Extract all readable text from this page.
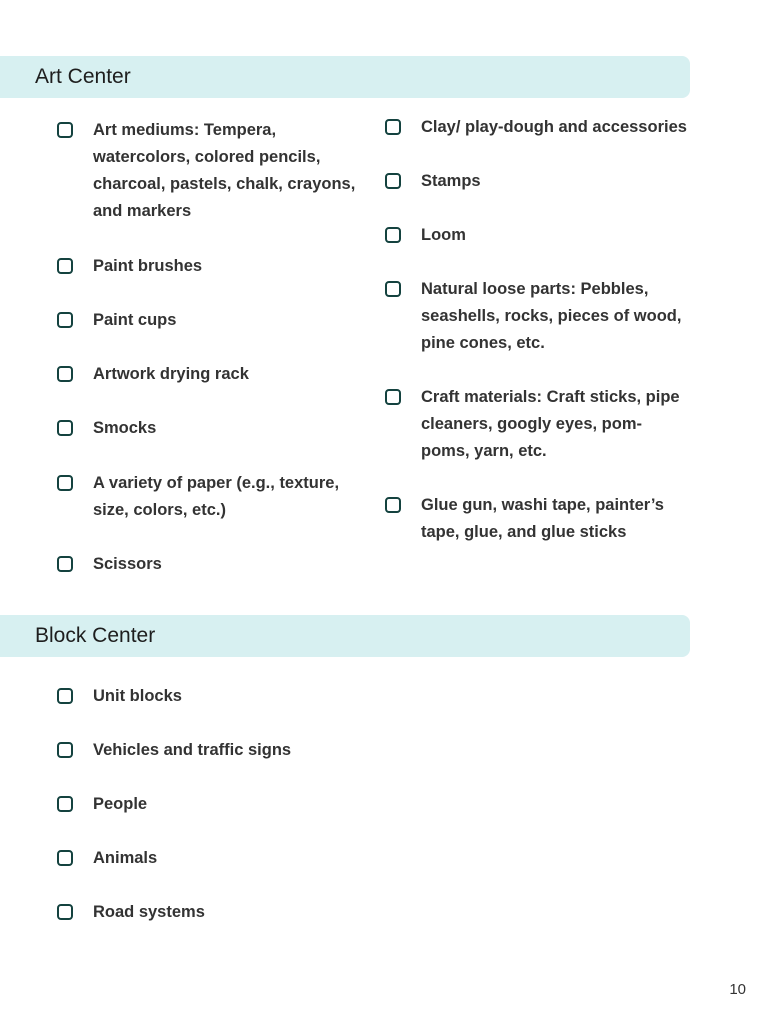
Art Center
Art mediums: Tempera, watercolors, colored pencils, charcoal, pastels, chalk, crayons, and markers
Paint brushes
Paint cups
Artwork drying rack
Smocks
A variety of paper (e.g., texture, size, colors, etc.)
Scissors
Clay/ play-dough and accessories
Stamps
Loom
Natural loose parts: Pebbles, seashells, rocks, pieces of wood, pine cones, etc.
Craft materials: Craft sticks, pipe cleaners, googly eyes, pom-poms, yarn, etc.
Glue gun, washi tape, painter’s tape, glue, and glue sticks
Block Center
Unit blocks
Vehicles and traffic signs
People
Animals
Road systems
10
